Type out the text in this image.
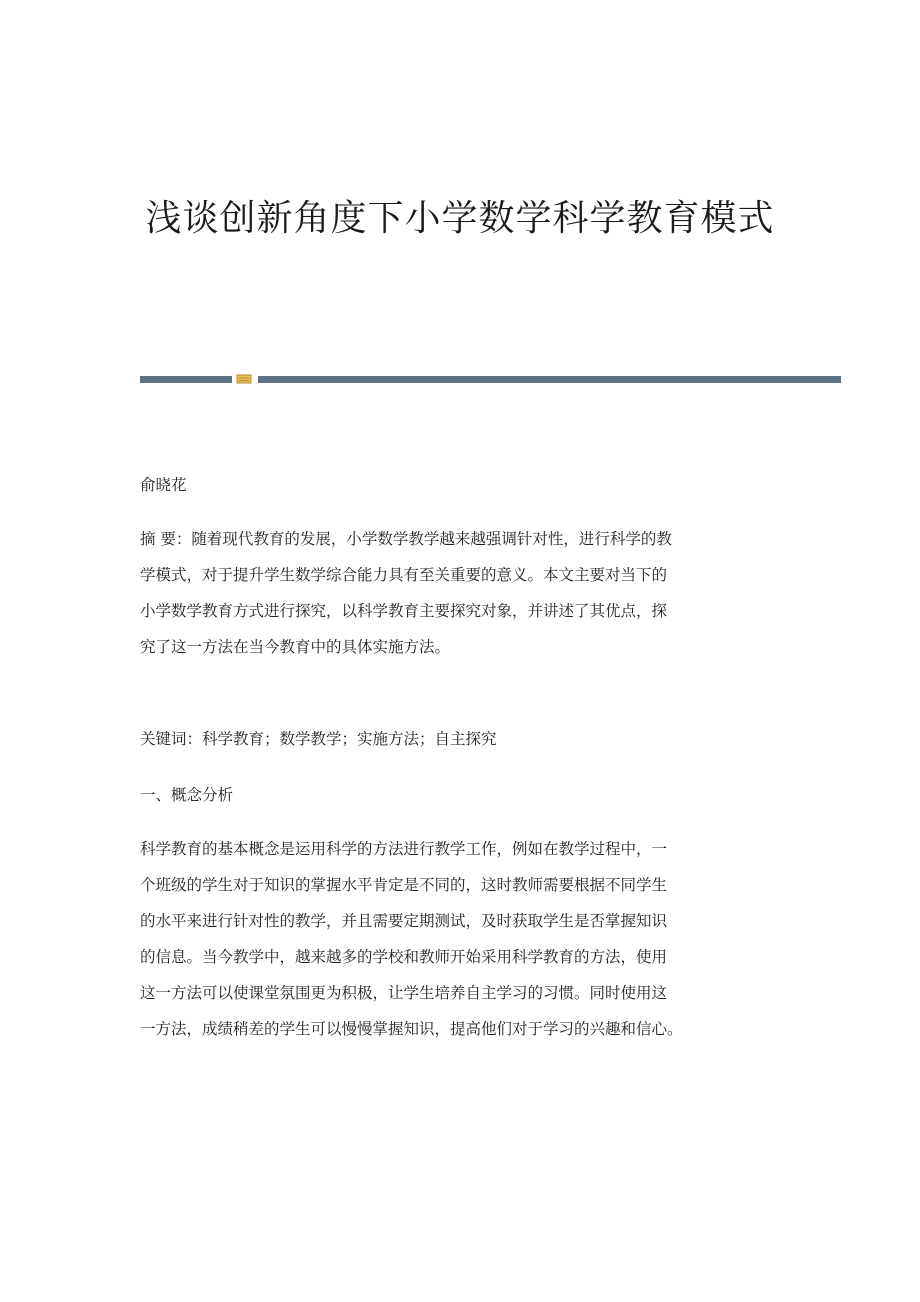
浅谈创新角度下小学数学科学教育模式

俞晓花

摘 要：随着现代教育的发展，小学数学教学越来越强调针对性，进行科学的教
学模式，对于提升学生数学综合能力具有至关重要的意义。本文主要对当下的
小学数学教育方式进行探究，以科学教育主要探究对象，并讲述了其优点，探
究了这一方法在当今教育中的具体实施方法。

关键词：科学教育；数学教学；实施方法；自主探究

一、概念分析

科学教育的基本概念是运用科学的方法进行教学工作，例如在教学过程中，一
个班级的学生对于知识的掌握水平肯定是不同的，这时教师需要根据不同学生
的水平来进行针对性的教学，并且需要定期测试，及时获取学生是否掌握知识
的信息。当今教学中，越来越多的学校和教师开始采用科学教育的方法，使用
这一方法可以使课堂氛围更为积极，让学生培养自主学习的习惯。同时使用这
一方法，成绩稍差的学生可以慢慢掌握知识，提高他们对于学习的兴趣和信心。
